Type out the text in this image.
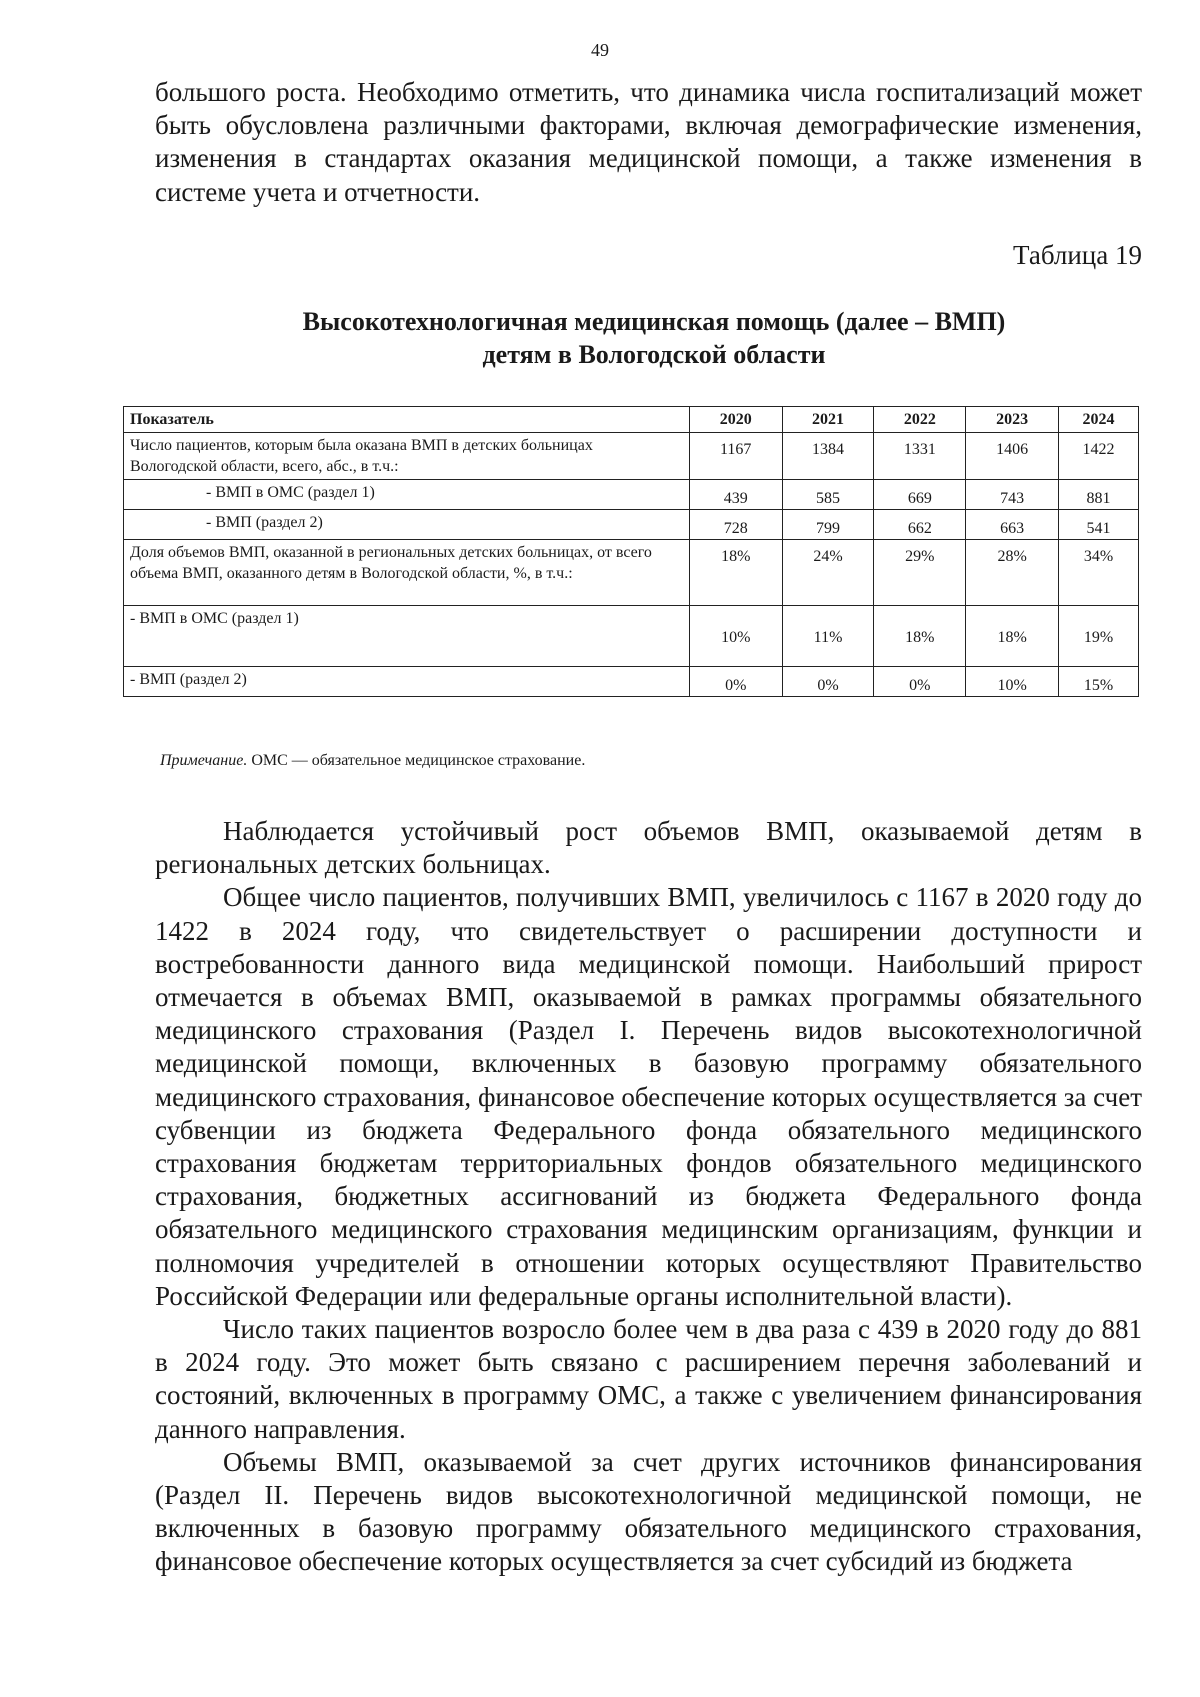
49

большого роста. Необходимо отметить, что динамика числа госпитализаций может быть обусловлена различными факторами, включая демографические изменения, изменения в стандартах оказания медицинской помощи, а также изменения в системе учета и отчетности.

Таблица 19
Высокотехнологичная медицинская помощь (далее – ВМП)
детям в Вологодской области
Показатель	2020	2021	2022	2023	2024
Число пациентов, которым была оказана ВМП в детских больницах Вологодской области, всего, абс., в т.ч.:	1167	1384	1331	1406	1422
- ВМП в ОМС (раздел 1)	439	585	669	743	881
- ВМП (раздел 2)	728	799	662	663	541
Доля объемов ВМП, оказанной в региональных детских больницах, от всего объема ВМП, оказанного детям в Вологодской области, %, в т.ч.:	18%	24%	29%	28%	34%
- ВМП в ОМС (раздел 1)	10%	11%	18%	18%	19%
- ВМП (раздел 2)	0%	0%	0%	10%	15%
Примечание. ОМС — обязательное медицинское страхование.

Наблюдается устойчивый рост объемов ВМП, оказываемой детям в региональных детских больницах.

Общее число пациентов, получивших ВМП, увеличилось с 1167 в 2020 году до 1422 в 2024 году, что свидетельствует о расширении доступности и востребованности данного вида медицинской помощи. Наибольший прирост отмечается в объемах ВМП, оказываемой в рамках программы обязательного медицинского страхования (Раздел I. Перечень видов высокотехнологичной медицинской помощи, включенных в базовую программу обязательного медицинского страхования, финансовое обеспечение которых осуществляется за счет субвенции из бюджета Федерального фонда обязательного медицинского страхования бюджетам территориальных фондов обязательного медицинского страхования, бюджетных ассигнований из бюджета Федерального фонда обязательного медицинского страхования медицинским организациям, функции и полномочия учредителей в отношении которых осуществляют Правительство Российской Федерации или федеральные органы исполнительной власти).

Число таких пациентов возросло более чем в два раза с 439 в 2020 году до 881 в 2024 году. Это может быть связано с расширением перечня заболеваний и состояний, включенных в программу ОМС, а также с увеличением финансирования данного направления.

Объемы ВМП, оказываемой за счет других источников финансирования (Раздел II. Перечень видов высокотехнологичной медицинской помощи, не включенных в базовую программу обязательного медицинского страхования, финансовое обеспечение которых осуществляется за счет субсидий из бюджета
